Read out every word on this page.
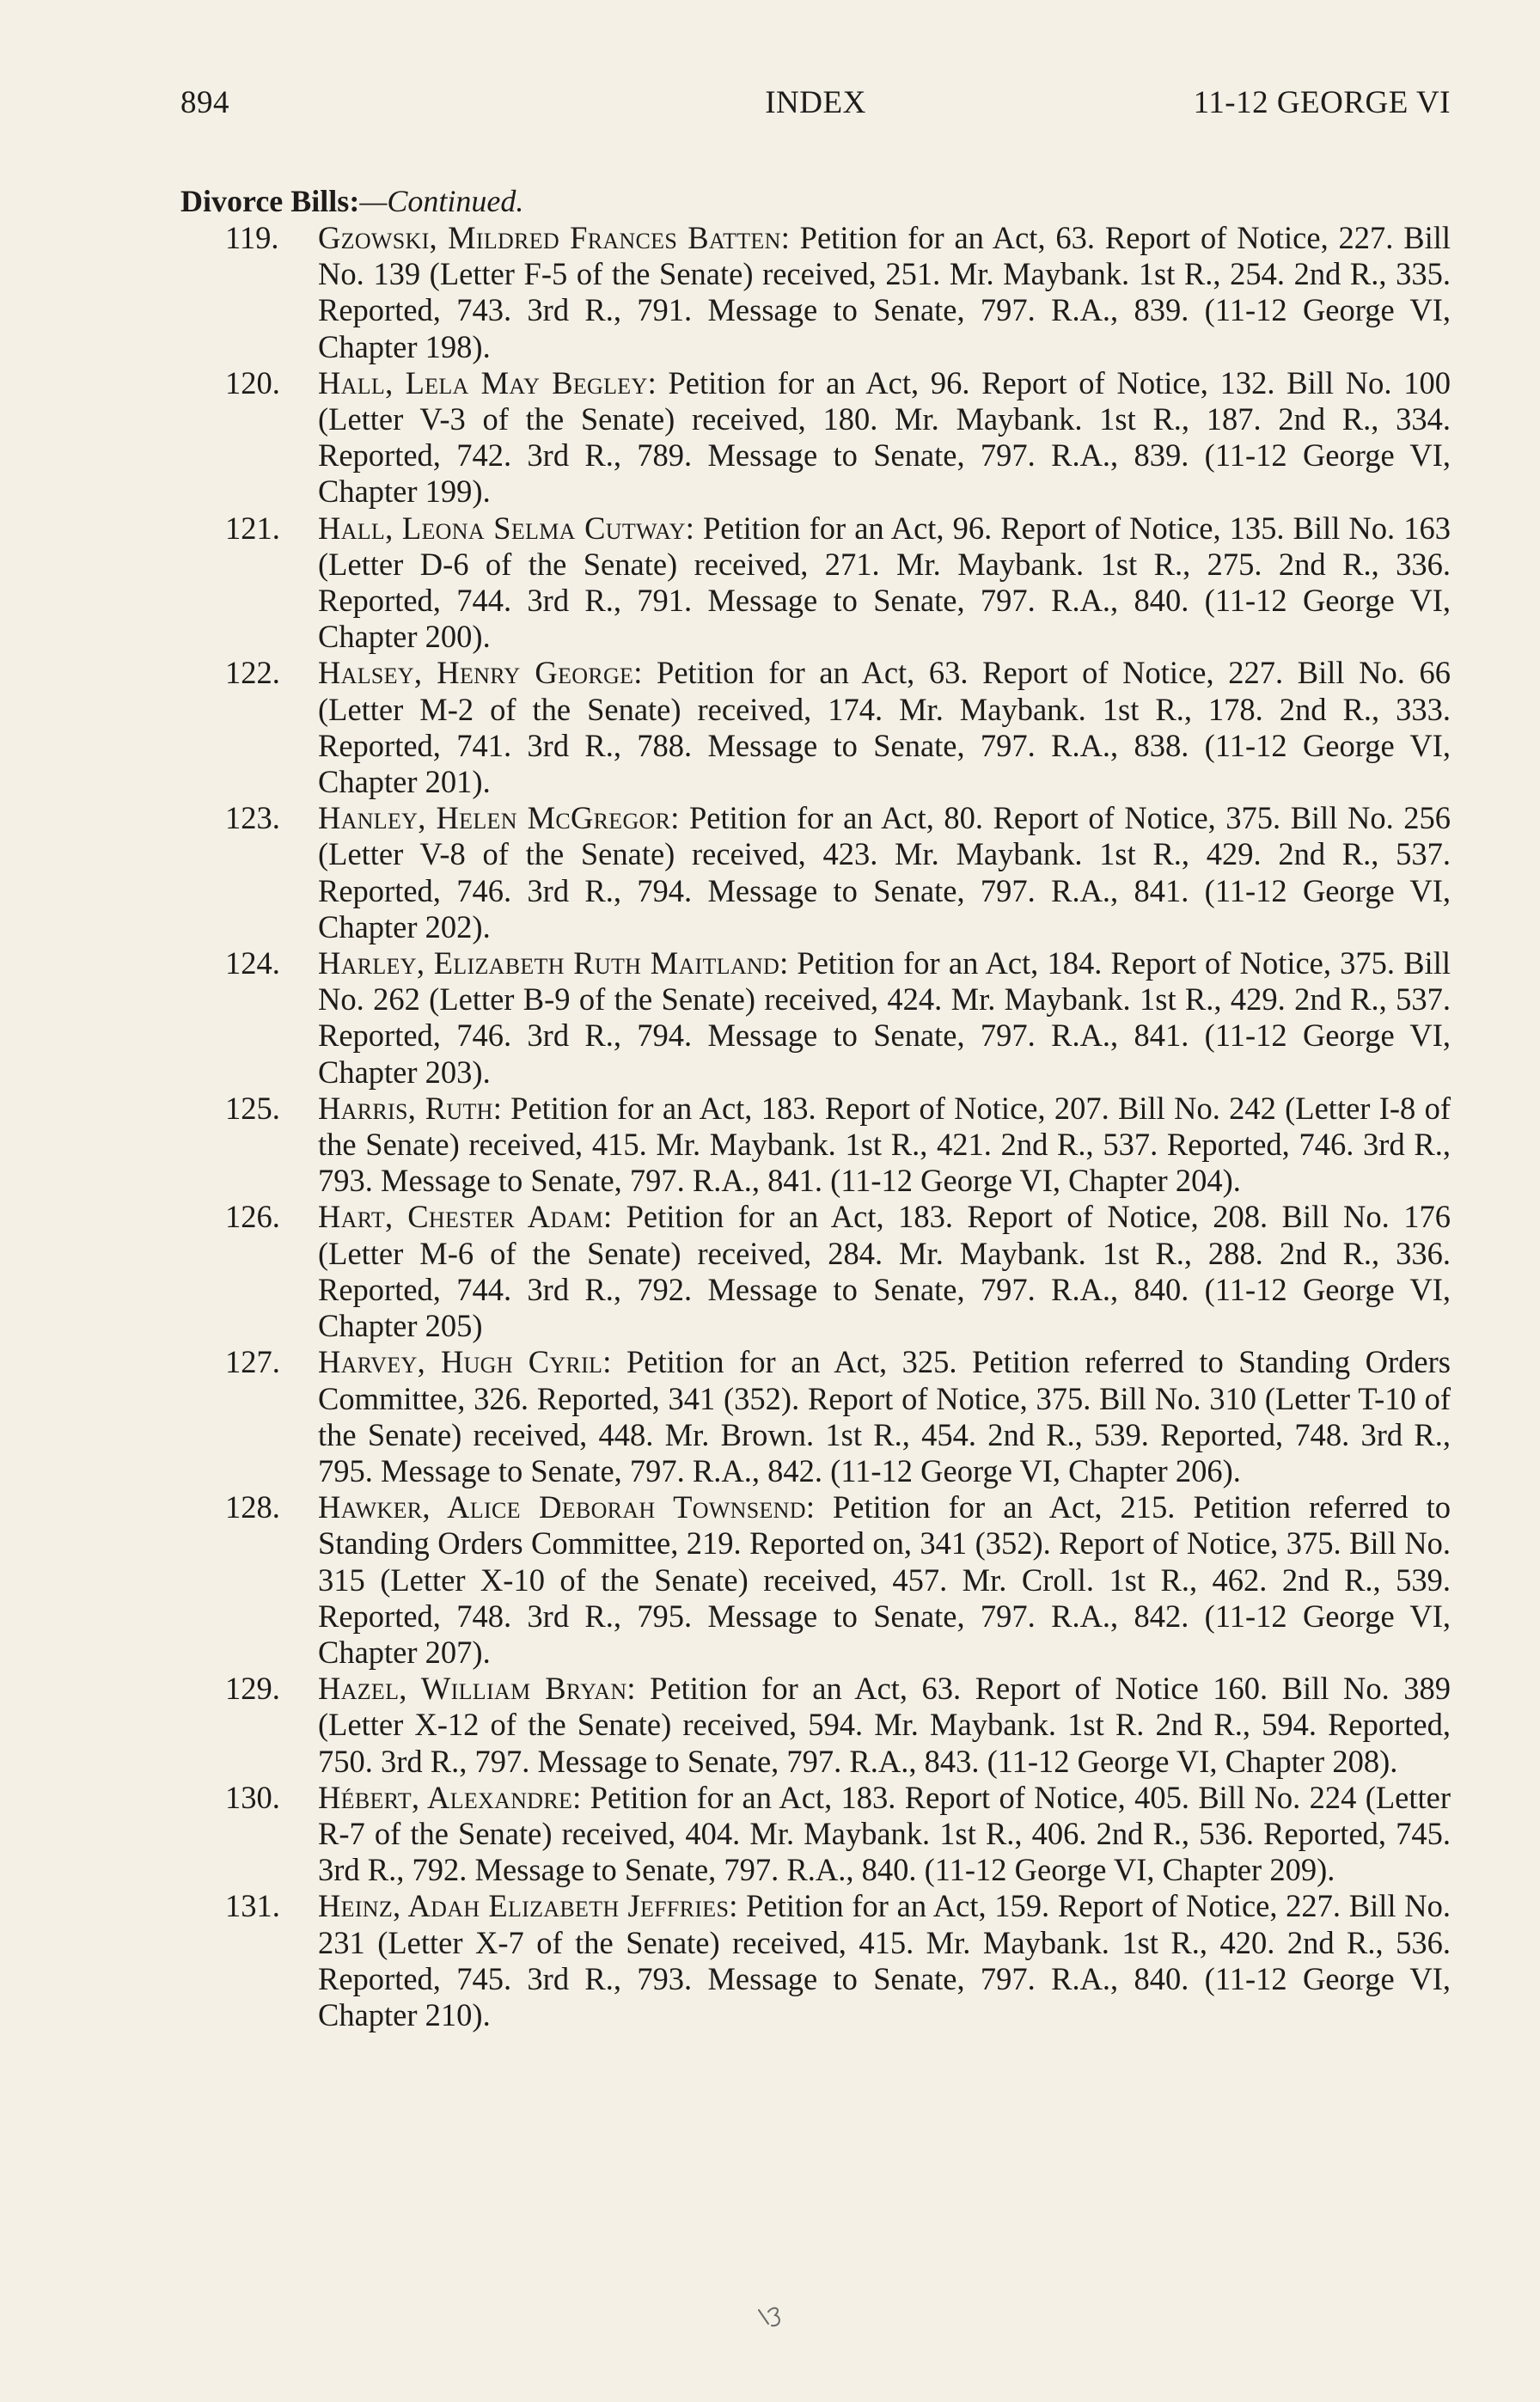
894	INDEX	11-12 GEORGE VI
Divorce Bills:—Continued.
119. Gzowski, Mildred Frances Batten: Petition for an Act, 63. Report of Notice, 227. Bill No. 139 (Letter F-5 of the Senate) received, 251. Mr. Maybank. 1st R., 254. 2nd R., 335. Reported, 743. 3rd R., 791. Message to Senate, 797. R.A., 839. (11-12 George VI, Chapter 198).
120. Hall, Lela May Begley: Petition for an Act, 96. Report of Notice, 132. Bill No. 100 (Letter V-3 of the Senate) received, 180. Mr. Maybank. 1st R., 187. 2nd R., 334. Reported, 742. 3rd R., 789. Message to Senate, 797. R.A., 839. (11-12 George VI, Chapter 199).
121. Hall, Leona Selma Cutway: Petition for an Act, 96. Report of Notice, 135. Bill No. 163 (Letter D-6 of the Senate) received, 271. Mr. Maybank. 1st R., 275. 2nd R., 336. Reported, 744. 3rd R., 791. Message to Senate, 797. R.A., 840. (11-12 George VI, Chapter 200).
122. Halsey, Henry George: Petition for an Act, 63. Report of Notice, 227. Bill No. 66 (Letter M-2 of the Senate) received, 174. Mr. Maybank. 1st R., 178. 2nd R., 333. Reported, 741. 3rd R., 788. Message to Senate, 797. R.A., 838. (11-12 George VI, Chapter 201).
123. Hanley, Helen McGregor: Petition for an Act, 80. Report of Notice, 375. Bill No. 256 (Letter V-8 of the Senate) received, 423. Mr. Maybank. 1st R., 429. 2nd R., 537. Reported, 746. 3rd R., 794. Message to Senate, 797. R.A., 841. (11-12 George VI, Chapter 202).
124. Harley, Elizabeth Ruth Maitland: Petition for an Act, 184. Report of Notice, 375. Bill No. 262 (Letter B-9 of the Senate) received, 424. Mr. Maybank. 1st R., 429. 2nd R., 537. Reported, 746. 3rd R., 794. Message to Senate, 797. R.A., 841. (11-12 George VI, Chapter 203).
125. Harris, Ruth: Petition for an Act, 183. Report of Notice, 207. Bill No. 242 (Letter I-8 of the Senate) received, 415. Mr. Maybank. 1st R., 421. 2nd R., 537. Reported, 746. 3rd R., 793. Message to Senate, 797. R.A., 841. (11-12 George VI, Chapter 204).
126. Hart, Chester Adam: Petition for an Act, 183. Report of Notice, 208. Bill No. 176 (Letter M-6 of the Senate) received, 284. Mr. Maybank. 1st R., 288. 2nd R., 336. Reported, 744. 3rd R., 792. Message to Senate, 797. R.A., 840. (11-12 George VI, Chapter 205)
127. Harvey, Hugh Cyril: Petition for an Act, 325. Petition referred to Standing Orders Committee, 326. Reported, 341 (352). Report of Notice, 375. Bill No. 310 (Letter T-10 of the Senate) received, 448. Mr. Brown. 1st R., 454. 2nd R., 539. Reported, 748. 3rd R., 795. Message to Senate, 797. R.A., 842. (11-12 George VI, Chapter 206).
128. Hawker, Alice Deborah Townsend: Petition for an Act, 215. Petition referred to Standing Orders Committee, 219. Reported on, 341 (352). Report of Notice, 375. Bill No. 315 (Letter X-10 of the Senate) received, 457. Mr. Croll. 1st R., 462. 2nd R., 539. Reported, 748. 3rd R., 795. Message to Senate, 797. R.A., 842. (11-12 George VI, Chapter 207).
129. Hazel, William Bryan: Petition for an Act, 63. Report of Notice 160. Bill No. 389 (Letter X-12 of the Senate) received, 594. Mr. Maybank. 1st R. 2nd R., 594. Reported, 750. 3rd R., 797. Message to Senate, 797. R.A., 843. (11-12 George VI, Chapter 208).
130. Hébert, Alexandre: Petition for an Act, 183. Report of Notice, 405. Bill No. 224 (Letter R-7 of the Senate) received, 404. Mr. Maybank. 1st R., 406. 2nd R., 536. Reported, 745. 3rd R., 792. Message to Senate, 797. R.A., 840. (11-12 George VI, Chapter 209).
131. Heinz, Adah Elizabeth Jeffries: Petition for an Act, 159. Report of Notice, 227. Bill No. 231 (Letter X-7 of the Senate) received, 415. Mr. Maybank. 1st R., 420. 2nd R., 536. Reported, 745. 3rd R., 793. Message to Senate, 797. R.A., 840. (11-12 George VI, Chapter 210).
